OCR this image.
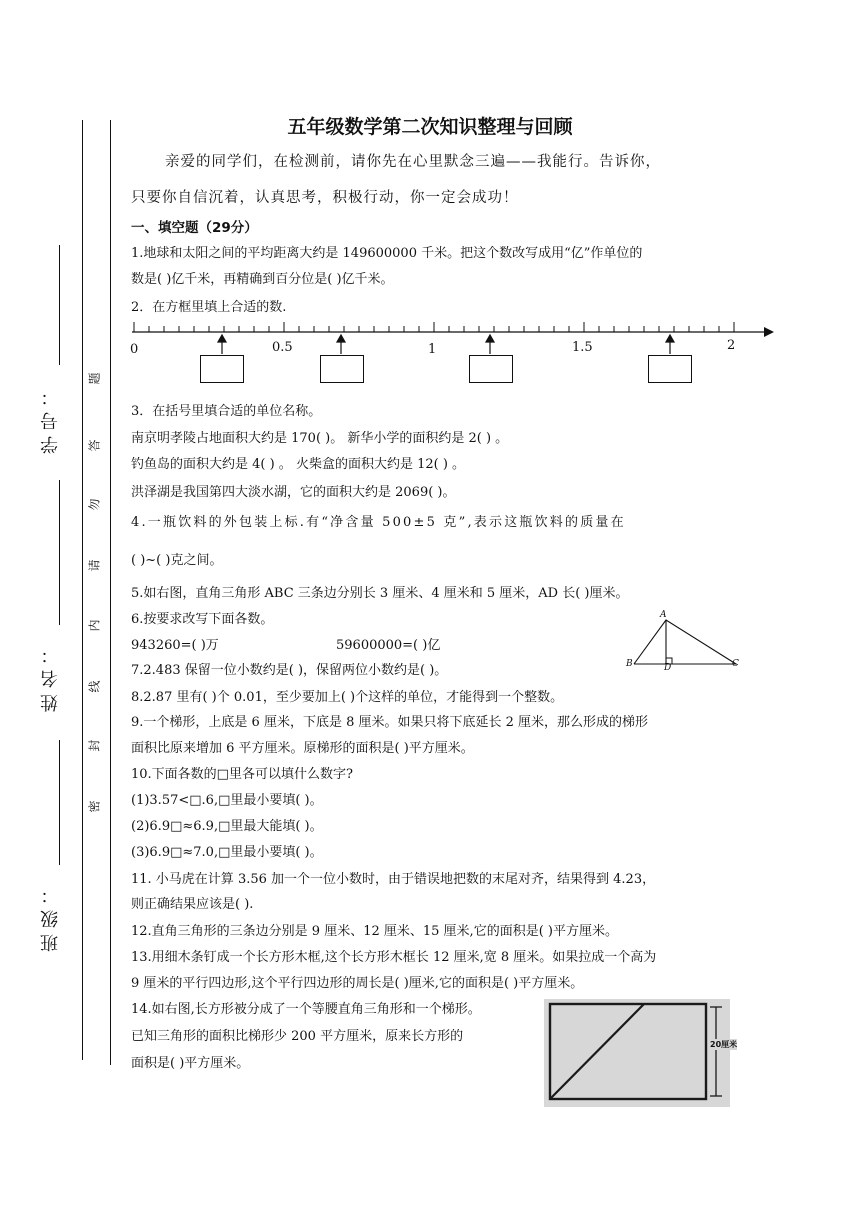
学号：
姓名：
班级：
题
答
勿
请
内
线
封
密
五年级数学第二次知识整理与回顾
亲爱的同学们，在检测前，请你先在心里默念三遍——我能行。告诉你，
只要你自信沉着，认真思考，积极行动，你一定会成功！
一、填空题（29分）
1.地球和太阳之间的平均距离大约是 149600000 千米。把这个数改写成用“亿”作单位的
数是( )亿千米，再精确到百分位是( )亿千米。
2．在方框里填上合适的数.
0	0.5	1	1.5	2
3．在括号里填合适的单位名称。
南京明孝陵占地面积大约是 170( )。 新华小学的面积约是 2( ) 。
钓鱼岛的面积大约是 4( ) 。 火柴盒的面积大约是 12( ) 。
洪泽湖是我国第四大淡水湖，它的面积大约是 2069( )。
4.一瓶饮料的外包装上标.有“净含量 500±5 克”,表示这瓶饮料的质量在
( )~( )克之间。
5.如右图，直角三角形 ABC 三条边分别长 3 厘米、4 厘米和 5 厘米，AD 长( )厘米。
6.按要求改写下面各数。
943260=( )万	59600000=( )亿
A
B	D	C
7.2.483 保留一位小数约是( )，保留两位小数约是( )。
8.2.87 里有( )个 0.01，至少要加上( )个这样的单位，才能得到一个整数。
9.一个梯形，上底是 6 厘米，下底是 8 厘米。如果只将下底延长 2 厘米，那么形成的梯形
面积比原来增加 6 平方厘米。原梯形的面积是( )平方厘米。
10.下面各数的□里各可以填什么数字?
(1)3.57<□.6,□里最小要填( )。
(2)6.9□≈6.9,□里最大能填( )。
(3)6.9□≈7.0,□里最小要填( )。
11. 小马虎在计算 3.56 加一个一位小数时，由于错误地把数的末尾对齐，结果得到 4.23，
则正确结果应该是( ).
12.直角三角形的三条边分别是 9 厘米、12 厘米、15 厘米,它的面积是( )平方厘米。
13.用细木条钉成一个长方形木框,这个长方形木框长 12 厘米,宽 8 厘米。如果拉成一个高为
9 厘米的平行四边形,这个平行四边形的周长是( )厘米,它的面积是( )平方厘米。
14.如右图,长方形被分成了一个等腰直角三角形和一个梯形。
已知三角形的面积比梯形少 200 平方厘米，原来长方形的
面积是( )平方厘米。
20厘米
